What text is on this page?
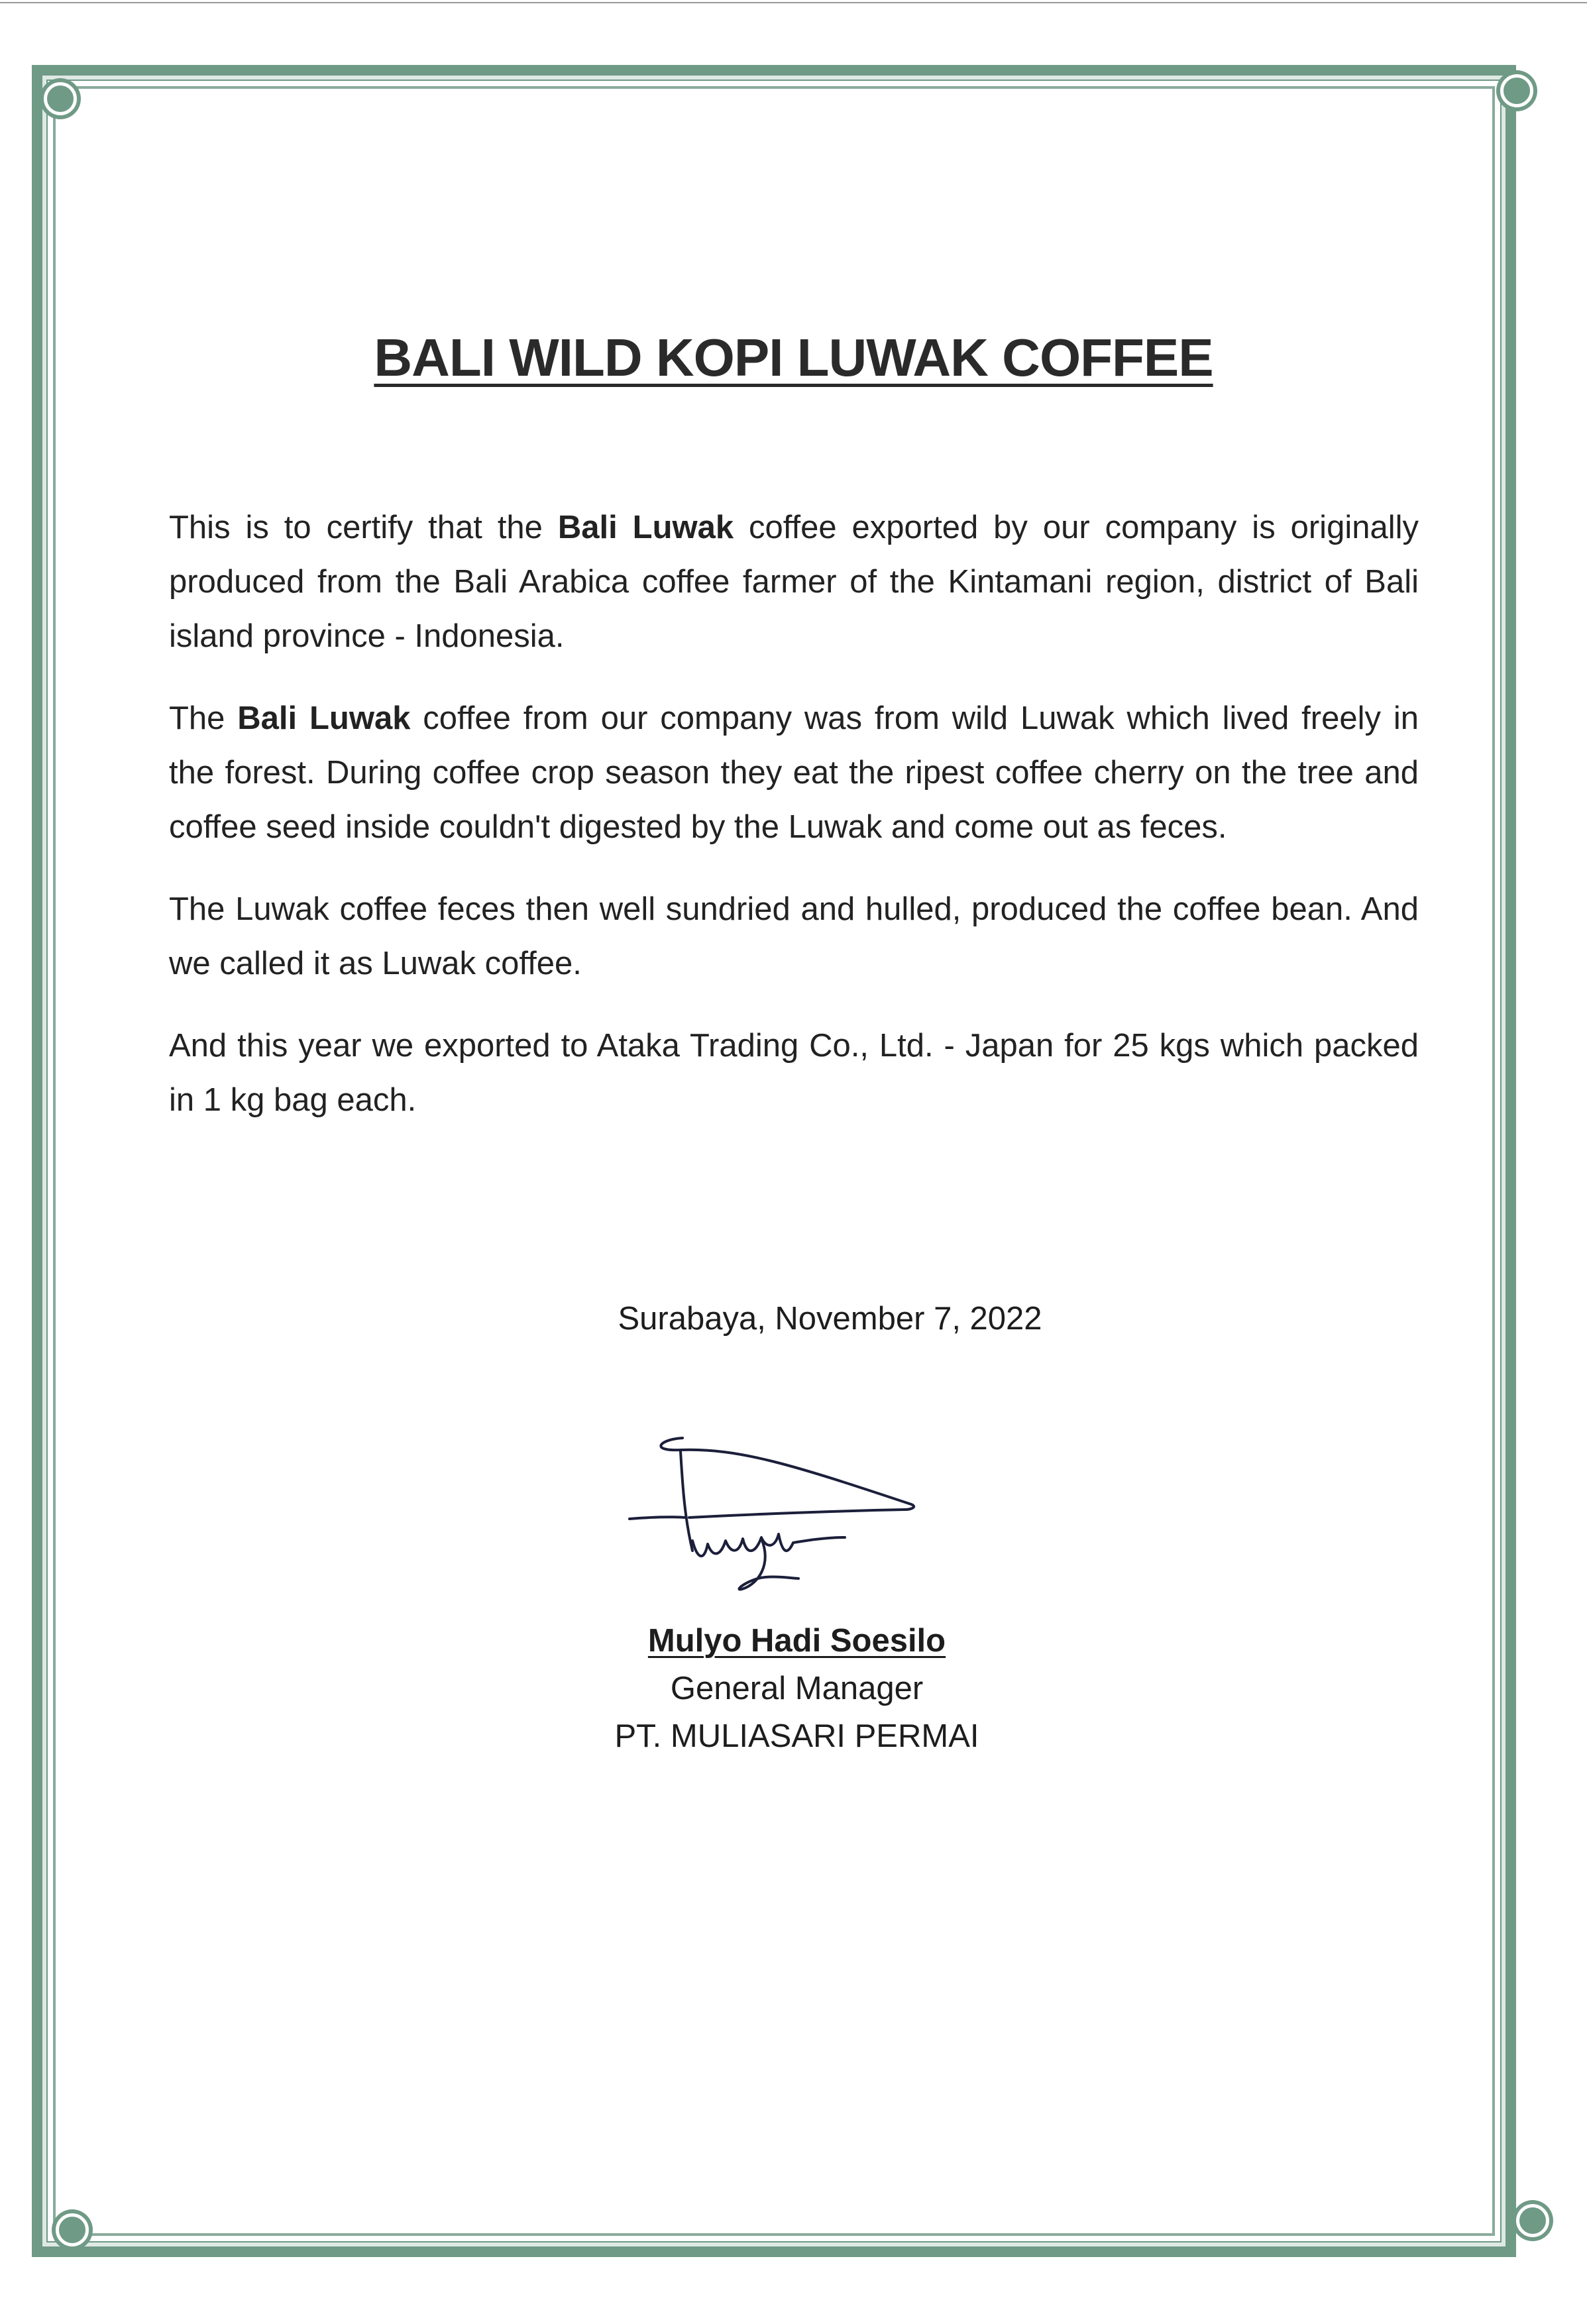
BALI WILD KOPI LUWAK COFFEE

This is to certify that the Bali Luwak coffee exported by our company is originally produced from the Bali Arabica coffee farmer of the Kintamani region, district of Bali island province - Indonesia.

The Bali Luwak coffee from our company was from wild Luwak which lived freely in the forest. During coffee crop season they eat the ripest coffee cherry on the tree and coffee seed inside couldn't digested by the Luwak and come out as feces.

The Luwak coffee feces then well sundried and hulled, produced the coffee bean. And we called it as Luwak coffee.

And this year we exported to Ataka Trading Co., Ltd. - Japan for 25 kgs which packed in 1 kg bag each.

Surabaya, November 7, 2022
Mulyo Hadi Soesilo
General Manager
PT. MULIASARI PERMAI
